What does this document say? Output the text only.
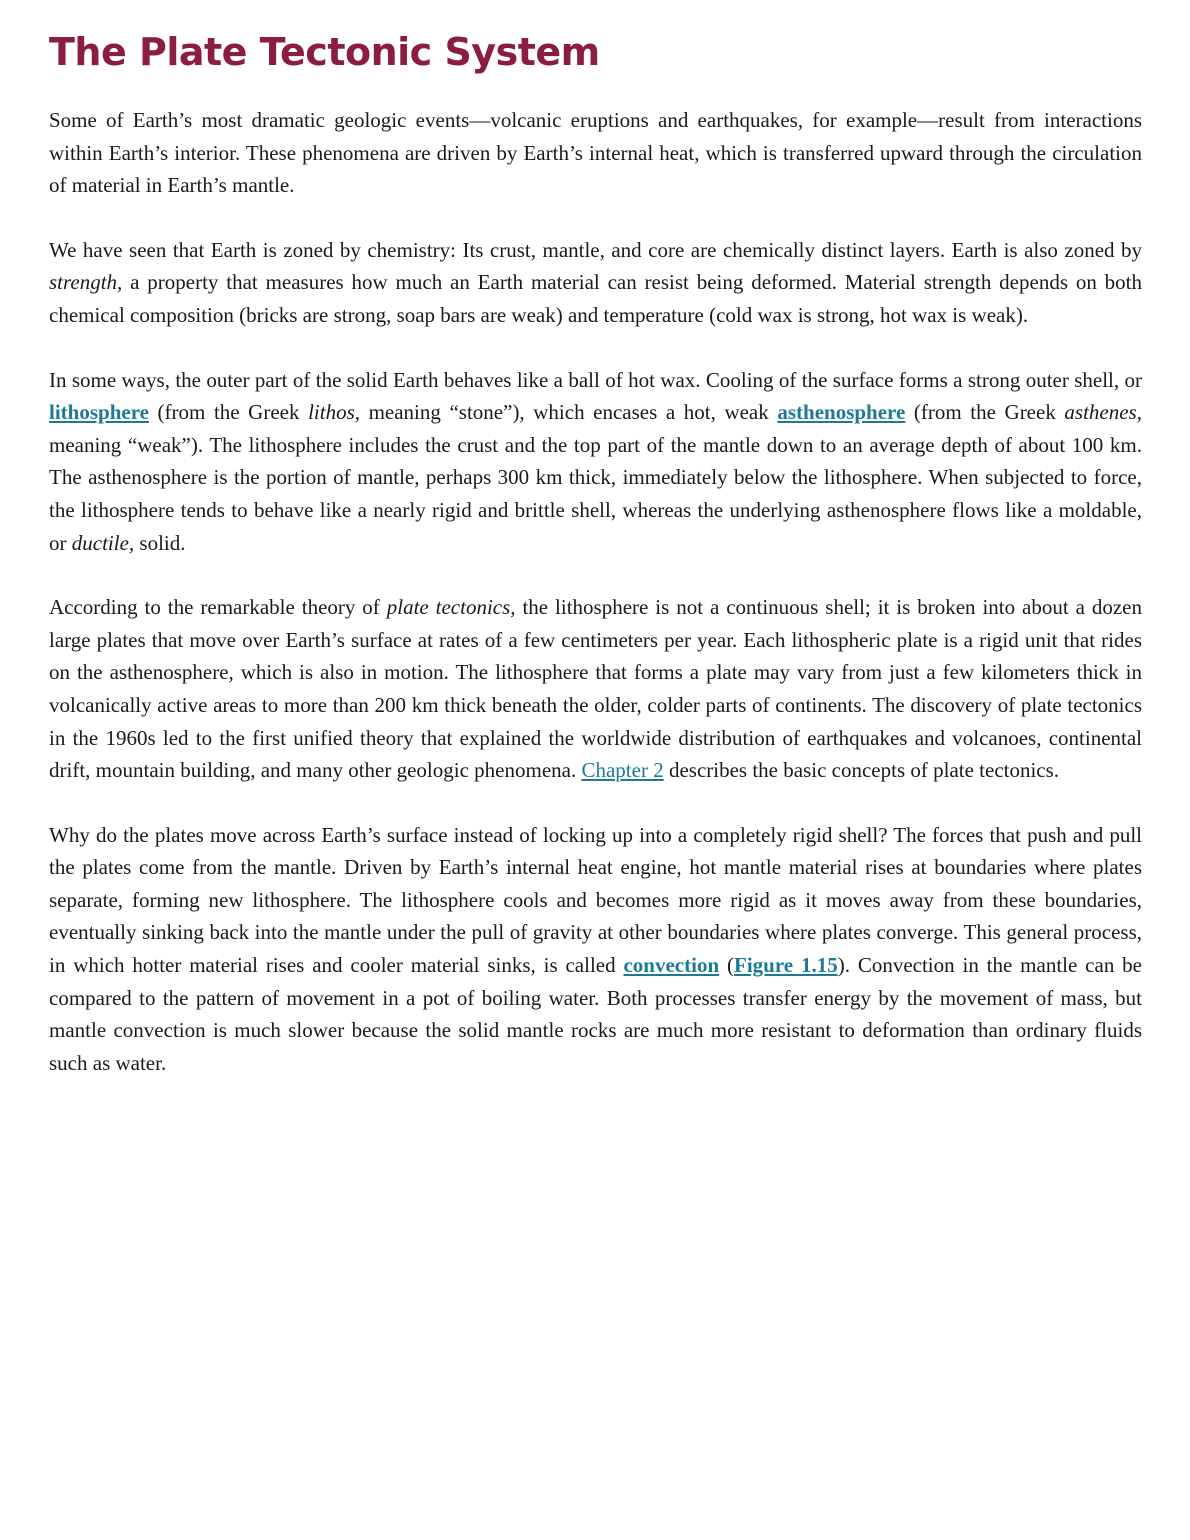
The Plate Tectonic System

Some of Earth’s most dramatic geologic events—volcanic eruptions and earthquakes, for example—result from interactions within Earth’s interior. These phenomena are driven by Earth’s internal heat, which is transferred upward through the circulation of material in Earth’s mantle.

We have seen that Earth is zoned by chemistry: Its crust, mantle, and core are chemically distinct layers. Earth is also zoned by strength, a property that measures how much an Earth material can resist being deformed. Material strength depends on both chemical composition (bricks are strong, soap bars are weak) and temperature (cold wax is strong, hot wax is weak).

In some ways, the outer part of the solid Earth behaves like a ball of hot wax. Cooling of the surface forms a strong outer shell, or lithosphere (from the Greek lithos, meaning “stone”), which encases a hot, weak asthenosphere (from the Greek asthenes, meaning “weak”). The lithosphere includes the crust and the top part of the mantle down to an average depth of about 100 km. The asthenosphere is the portion of mantle, perhaps 300 km thick, immediately below the lithosphere. When subjected to force, the lithosphere tends to behave like a nearly rigid and brittle shell, whereas the underlying asthenosphere flows like a moldable, or ductile, solid.

According to the remarkable theory of plate tectonics, the lithosphere is not a continuous shell; it is broken into about a dozen large plates that move over Earth’s surface at rates of a few centimeters per year. Each lithospheric plate is a rigid unit that rides on the asthenosphere, which is also in motion. The lithosphere that forms a plate may vary from just a few kilometers thick in volcanically active areas to more than 200 km thick beneath the older, colder parts of continents. The discovery of plate tectonics in the 1960s led to the first unified theory that explained the worldwide distribution of earthquakes and volcanoes, continental drift, mountain building, and many other geologic phenomena. Chapter 2 describes the basic concepts of plate tectonics.

Why do the plates move across Earth’s surface instead of locking up into a completely rigid shell? The forces that push and pull the plates come from the mantle. Driven by Earth’s internal heat engine, hot mantle material rises at boundaries where plates separate, forming new lithosphere. The lithosphere cools and becomes more rigid as it moves away from these boundaries, eventually sinking back into the mantle under the pull of gravity at other boundaries where plates converge. This general process, in which hotter material rises and cooler material sinks, is called convection (Figure 1.15). Convection in the mantle can be compared to the pattern of movement in a pot of boiling water. Both processes transfer energy by the movement of mass, but mantle convection is much slower because the solid mantle rocks are much more resistant to deformation than ordinary fluids such as water.
